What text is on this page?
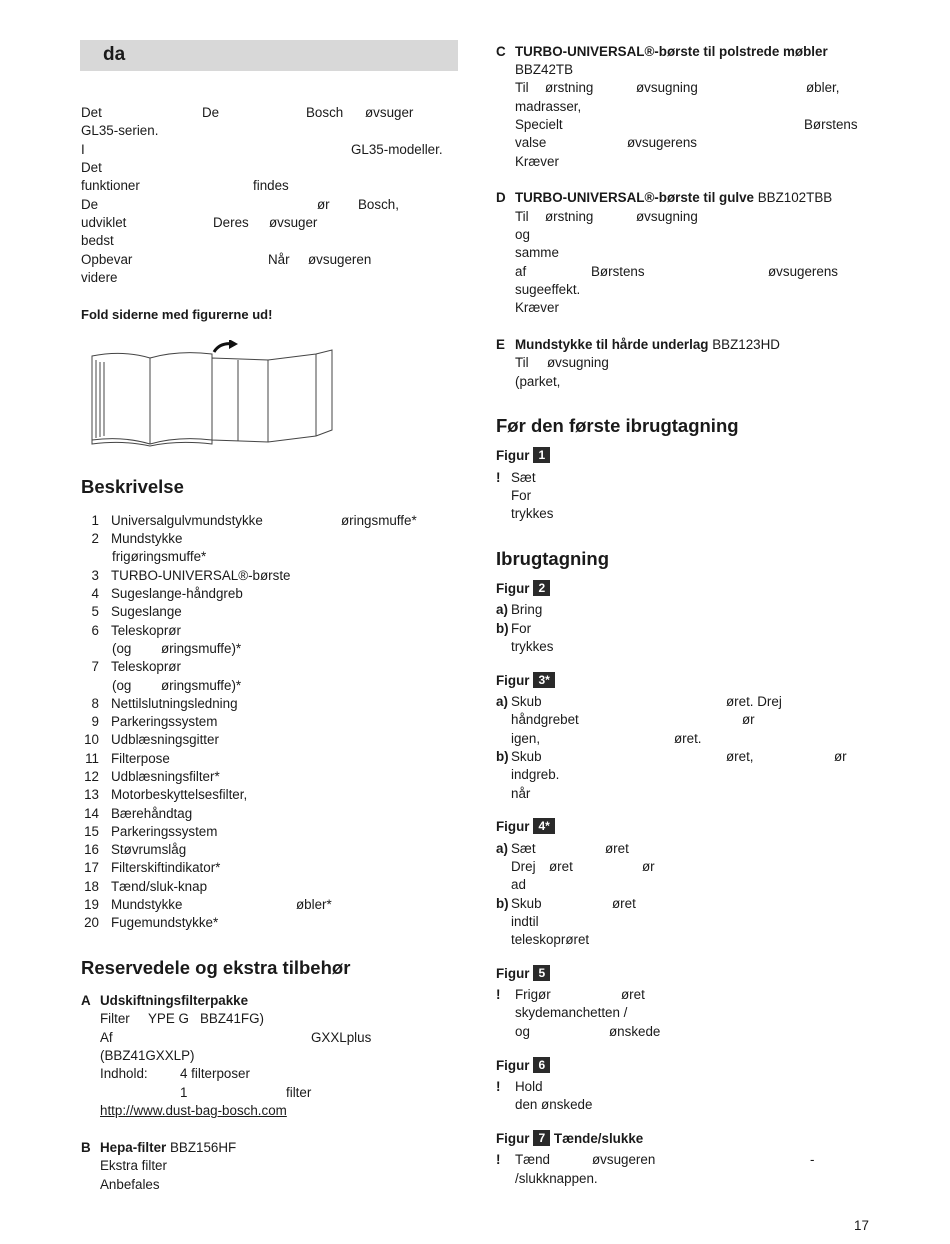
da
Det	De	Bosch øvsuger
GL35-serien.
I	GL35-modeller.
Det
funktioner	findes
De	ør Bosch,
udviklet	Deres øvsuger
bedst
Opbevar	Når øvsugeren
videre
Fold siderne med figurerne ud!
Beskrivelse
1 Universalgulvmundstykke	øringsmuffe*
2 Mundstykke
frigøringsmuffe*
3 TURBO-UNIVERSAL®-børste
4 Sugeslange-håndgreb
5 Sugeslange
6 Teleskoprør
(og øringsmuffe)*
7 Teleskoprør
(og øringsmuffe)*
8 Nettilslutningsledning
9 Parkeringssystem
10 Udblæsningsgitter
11 Filterpose
12 Udblæsningsfilter*
13 Motorbeskyttelsesfilter,
14 Bærehåndtag
15 Parkeringssystem
16 Støvrumslåg
17 Filterskiftindikator*
18 Tænd/sluk-knap
19 Mundstykke	øbler*
20 Fugemundstykke*
Reservedele og ekstra tilbehør
A Udskiftningsfilterpakke
Filter YPE G BBZ41FG)
Af	GXXLplus
(BBZ41GXXLP)
Indhold: 4 filterposer
1	filter
http://www.dust-bag-bosch.com
B Hepa-filter BBZ156HF
Ekstra filter
Anbefales
C TURBO-UNIVERSAL®-børste til polstrede møbler
BBZ42TB
Til ørstning	øvsugning	øbler,
madrasser,
Specielt	Børstens
valse	øvsugerens
Kræver
D TURBO-UNIVERSAL®-børste til gulve BBZ102TBB
Til ørstning	øvsugning
og
samme
af	Børstens	øvsugerens
sugeeffekt.
Kræver
E Mundstykke til hårde underlag BBZ123HD
Til øvsugning
(parket,
Før den første ibrugtagning
Figur 1
! Sæt
For
trykkes
Ibrugtagning
Figur 2
a) Bring
b) For
trykkes
Figur 3*
a) Skub	øret. Drej
håndgrebet	ør
igen,	øret.
b) Skub	øret,	ør
indgreb.
når
Figur 4*
a) Sæt	øret
Drej øret	ør
ad
b) Skub	øret
indtil
teleskoprøret
Figur 5
! Frigør	øret
skydemanchetten /
og	ønskede
Figur 6
! Hold
den ønskede
Figur 7 Tænde/slukke
! Tænd	øvsugeren	-
/slukknappen.
17
